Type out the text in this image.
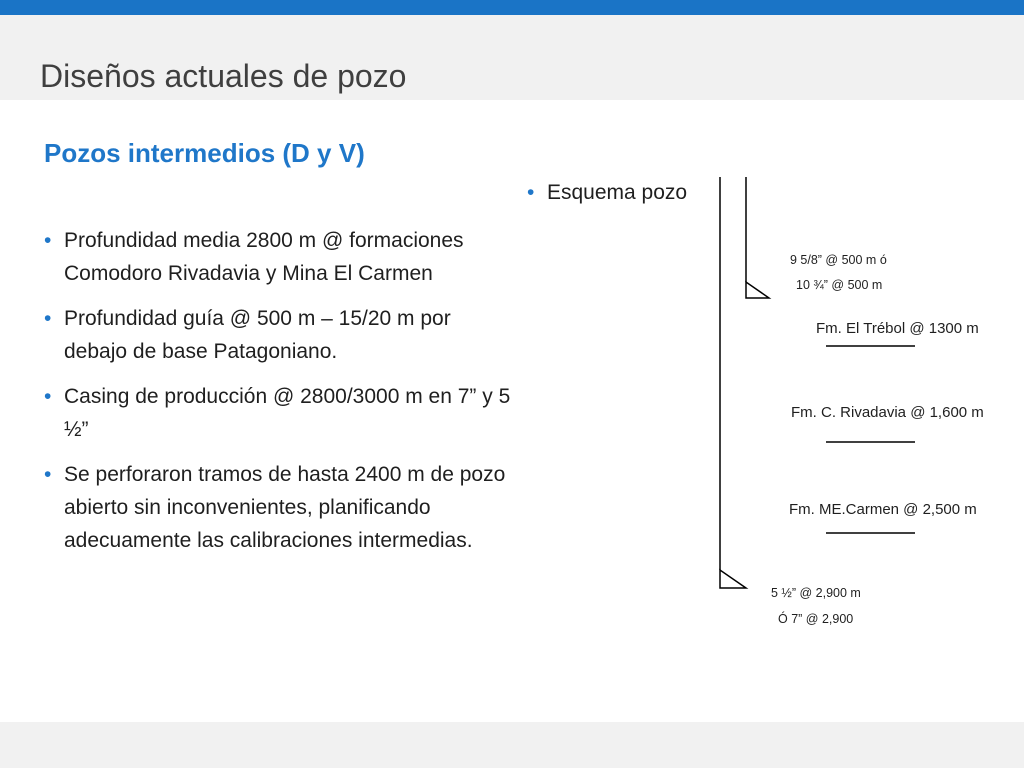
Diseños actuales de pozo
Pozos intermedios (D y V)
• Profundidad media 2800 m @ formaciones Comodoro Rivadavia y Mina El Carmen
• Profundidad guía @ 500 m – 15/20 m por debajo de base Patagoniano.
• Casing de producción @ 2800/3000 m en 7” y 5 ½”
• Se perforaron tramos de hasta 2400 m de pozo abierto sin inconvenientes, planificando adecuamente las calibraciones intermedias.
• Esquema pozo
9 5/8” @ 500 m ó
10 ¾” @ 500 m
Fm. El Trébol @ 1300 m
Fm. C. Rivadavia @ 1,600 m
Fm. ME.Carmen @ 2,500 m
5 ½” @ 2,900 m
Ó 7” @ 2,900
